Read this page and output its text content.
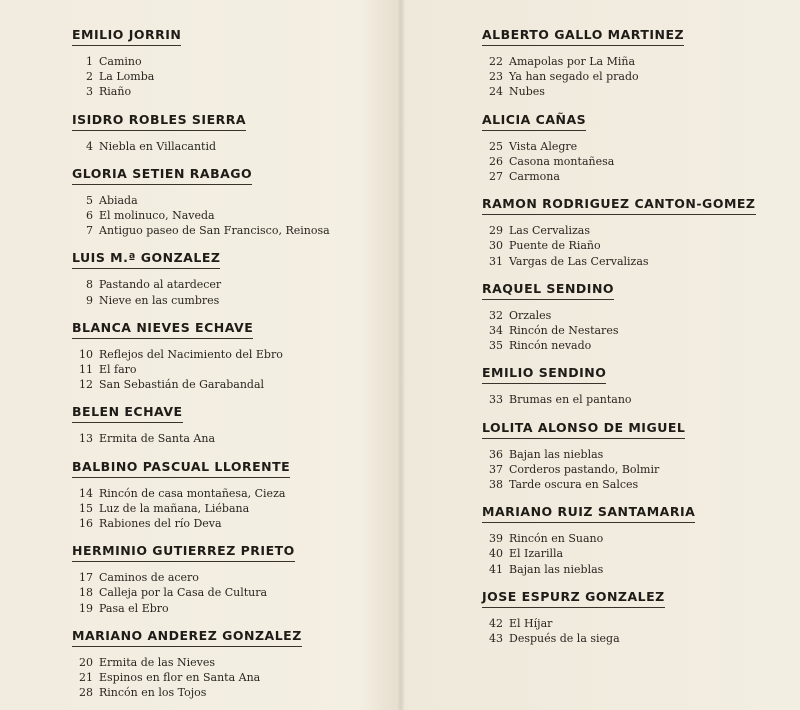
EMILIO JORRIN
1 Camino
2 La Lomba
3 Riaño
ISIDRO ROBLES SIERRA
4 Niebla en Villacantid
GLORIA SETIEN RABAGO
5 Abiada
6 El molinuco, Naveda
7 Antiguo paseo de San Francisco, Reinosa
LUIS M.ª GONZALEZ
8 Pastando al atardecer
9 Nieve en las cumbres
BLANCA NIEVES ECHAVE
10 Reflejos del Nacimiento del Ebro
11 El faro
12 San Sebastián de Garabandal
BELEN ECHAVE
13 Ermita de Santa Ana
BALBINO PASCUAL LLORENTE
14 Rincón de casa montañesa, Cieza
15 Luz de la mañana, Liébana
16 Rabiones del río Deva
HERMINIO GUTIERREZ PRIETO
17 Caminos de acero
18 Calleja por la Casa de Cultura
19 Pasa el Ebro
MARIANO ANDEREZ GONZALEZ
20 Ermita de las Nieves
21 Espinos en flor en Santa Ana
28 Rincón en los Tojos
ALBERTO GALLO MARTINEZ
22 Amapolas por La Miña
23 Ya han segado el prado
24 Nubes
ALICIA CAÑAS
25 Vista Alegre
26 Casona montañesa
27 Carmona
RAMON RODRIGUEZ CANTON-GOMEZ
29 Las Cervalizas
30 Puente de Riaño
31 Vargas de Las Cervalizas
RAQUEL SENDINO
32 Orzales
34 Rincón de Nestares
35 Rincón nevado
EMILIO SENDINO
33 Brumas en el pantano
LOLITA ALONSO DE MIGUEL
36 Bajan las nieblas
37 Corderos pastando, Bolmir
38 Tarde oscura en Salces
MARIANO RUIZ SANTAMARIA
39 Rincón en Suano
40 El Izarilla
41 Bajan las nieblas
JOSE ESPURZ GONZALEZ
42 El Híjar
43 Después de la siega
